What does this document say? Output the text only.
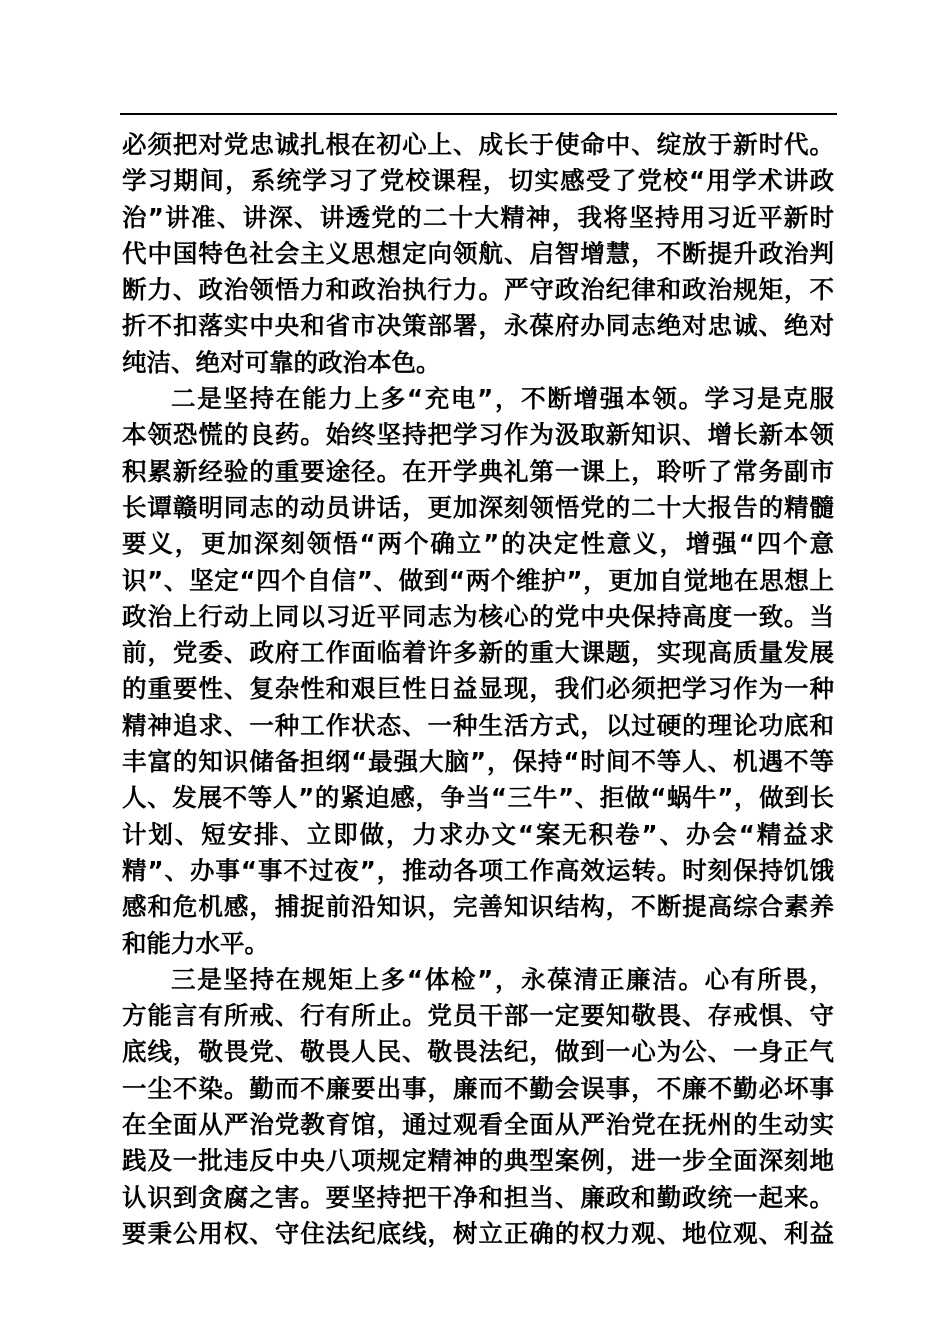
必须把对党忠诚扎根在初心上、成长于使命中、绽放于新时代。
学习期间，系统学习了党校课程，切实感受了党校“用学术讲政
治”讲准、讲深、讲透党的二十大精神，我将坚持用习近平新时
代中国特色社会主义思想定向领航、启智增慧，不断提升政治判
断力、政治领悟力和政治执行力。严守政治纪律和政治规矩，不
折不扣落实中央和省市决策部署，永葆府办同志绝对忠诚、绝对
纯洁、绝对可靠的政治本色。
二是坚持在能力上多“充电”，不断增强本领。学习是克服
本领恐慌的良药。始终坚持把学习作为汲取新知识、增长新本领
积累新经验的重要途径。在开学典礼第一课上，聆听了常务副市
长谭赣明同志的动员讲话，更加深刻领悟党的二十大报告的精髓
要义，更加深刻领悟“两个确立”的决定性意义，增强“四个意
识”、坚定“四个自信”、做到“两个维护”，更加自觉地在思想上
政治上行动上同以习近平同志为核心的党中央保持高度一致。当
前，党委、政府工作面临着许多新的重大课题，实现高质量发展
的重要性、复杂性和艰巨性日益显现，我们必须把学习作为一种
精神追求、一种工作状态、一种生活方式，以过硬的理论功底和
丰富的知识储备担纲“最强大脑”，保持“时间不等人、机遇不等
人、发展不等人”的紧迫感，争当“三牛”、拒做“蜗牛”，做到长
计划、短安排、立即做，力求办文“案无积卷”、办会“精益求
精”、办事“事不过夜”，推动各项工作高效运转。时刻保持饥饿
感和危机感，捕捉前沿知识，完善知识结构，不断提高综合素养
和能力水平。
三是坚持在规矩上多“体检”，永葆清正廉洁。心有所畏，
方能言有所戒、行有所止。党员干部一定要知敬畏、存戒惧、守
底线，敬畏党、敬畏人民、敬畏法纪，做到一心为公、一身正气
一尘不染。勤而不廉要出事，廉而不勤会误事，不廉不勤必坏事
在全面从严治党教育馆，通过观看全面从严治党在抚州的生动实
践及一批违反中央八项规定精神的典型案例，进一步全面深刻地
认识到贪腐之害。要坚持把干净和担当、廉政和勤政统一起来。
要秉公用权、守住法纪底线，树立正确的权力观、地位观、利益
